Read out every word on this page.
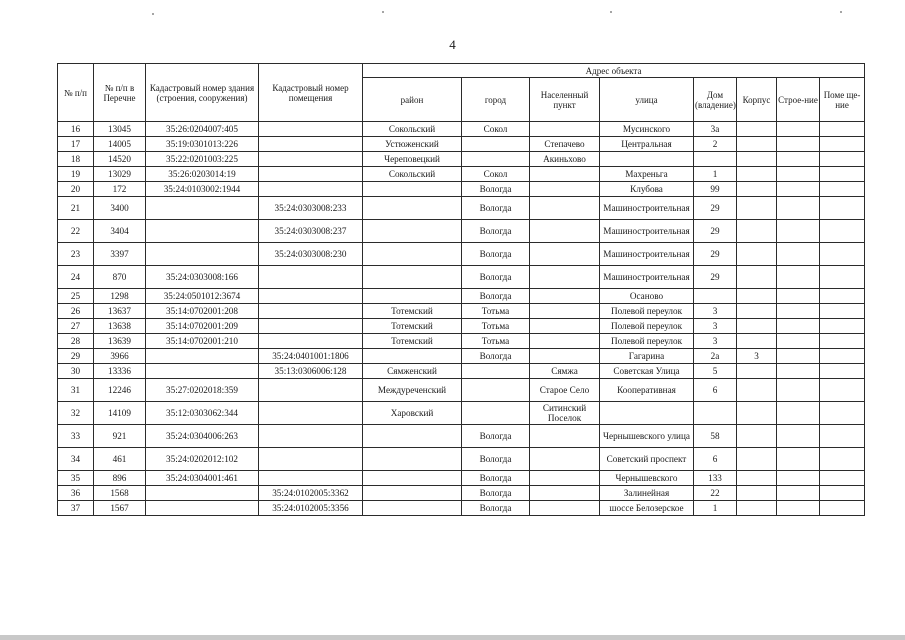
4
№ п/п	№ п/п в Перечне	Кадастровый номер здания (строения, сооружения)	Кадастровый номер помещения	Адрес объекта							
				район	город	Населенный пункт	улица	Дом (владение)	Корпус	Строе-ние	Поме ще-ние
16	13045	35:26:0204007:405		Сокольский	Сокол		Мусинского	3а			
17	14005	35:19:0301013:226		Устюженский		Степачево	Центральная	2			
18	14520	35:22:0201003:225		Череповецкий		Акиньхово					
19	13029	35:26:0203014:19		Сокольский	Сокол		Махреньга	1			
20	172	35:24:0103002:1944			Вологда		Клубова	99			
21	3400		35:24:0303008:233		Вологда		Машиностроительная	29			
22	3404		35:24:0303008:237		Вологда		Машиностроительная	29			
23	3397		35:24:0303008:230		Вологда		Машиностроительная	29			
24	870	35:24:0303008:166			Вологда		Машиностроительная	29			
25	1298	35:24:0501012:3674			Вологда		Осаново				
26	13637	35:14:0702001:208		Тотемский	Тотьма		Полевой переулок	3			
27	13638	35:14:0702001:209		Тотемский	Тотьма		Полевой переулок	3			
28	13639	35:14:0702001:210		Тотемский	Тотьма		Полевой переулок	3			
29	3966		35:24:0401001:1806		Вологда		Гагарина	2а	3		
30	13336		35:13:0306006:128	Сямженский		Сямжа	Советская Улица	5			
31	12246	35:27:0202018:359		Междуреченский		Старое Село	Кооперативная	6			
32	14109	35:12:0303062:344		Харовский		Ситинский Поселок					
33	921	35:24:0304006:263			Вологда		Чернышевского улица	58			
34	461	35:24:0202012:102			Вологда		Советский проспект	6			
35	896	35:24:0304001:461			Вологда		Чернышевского	133			
36	1568		35:24:0102005:3362		Вологда		Залинейная	22			
37	1567		35:24:0102005:3356		Вологда		шоссе Белозерское	1			
